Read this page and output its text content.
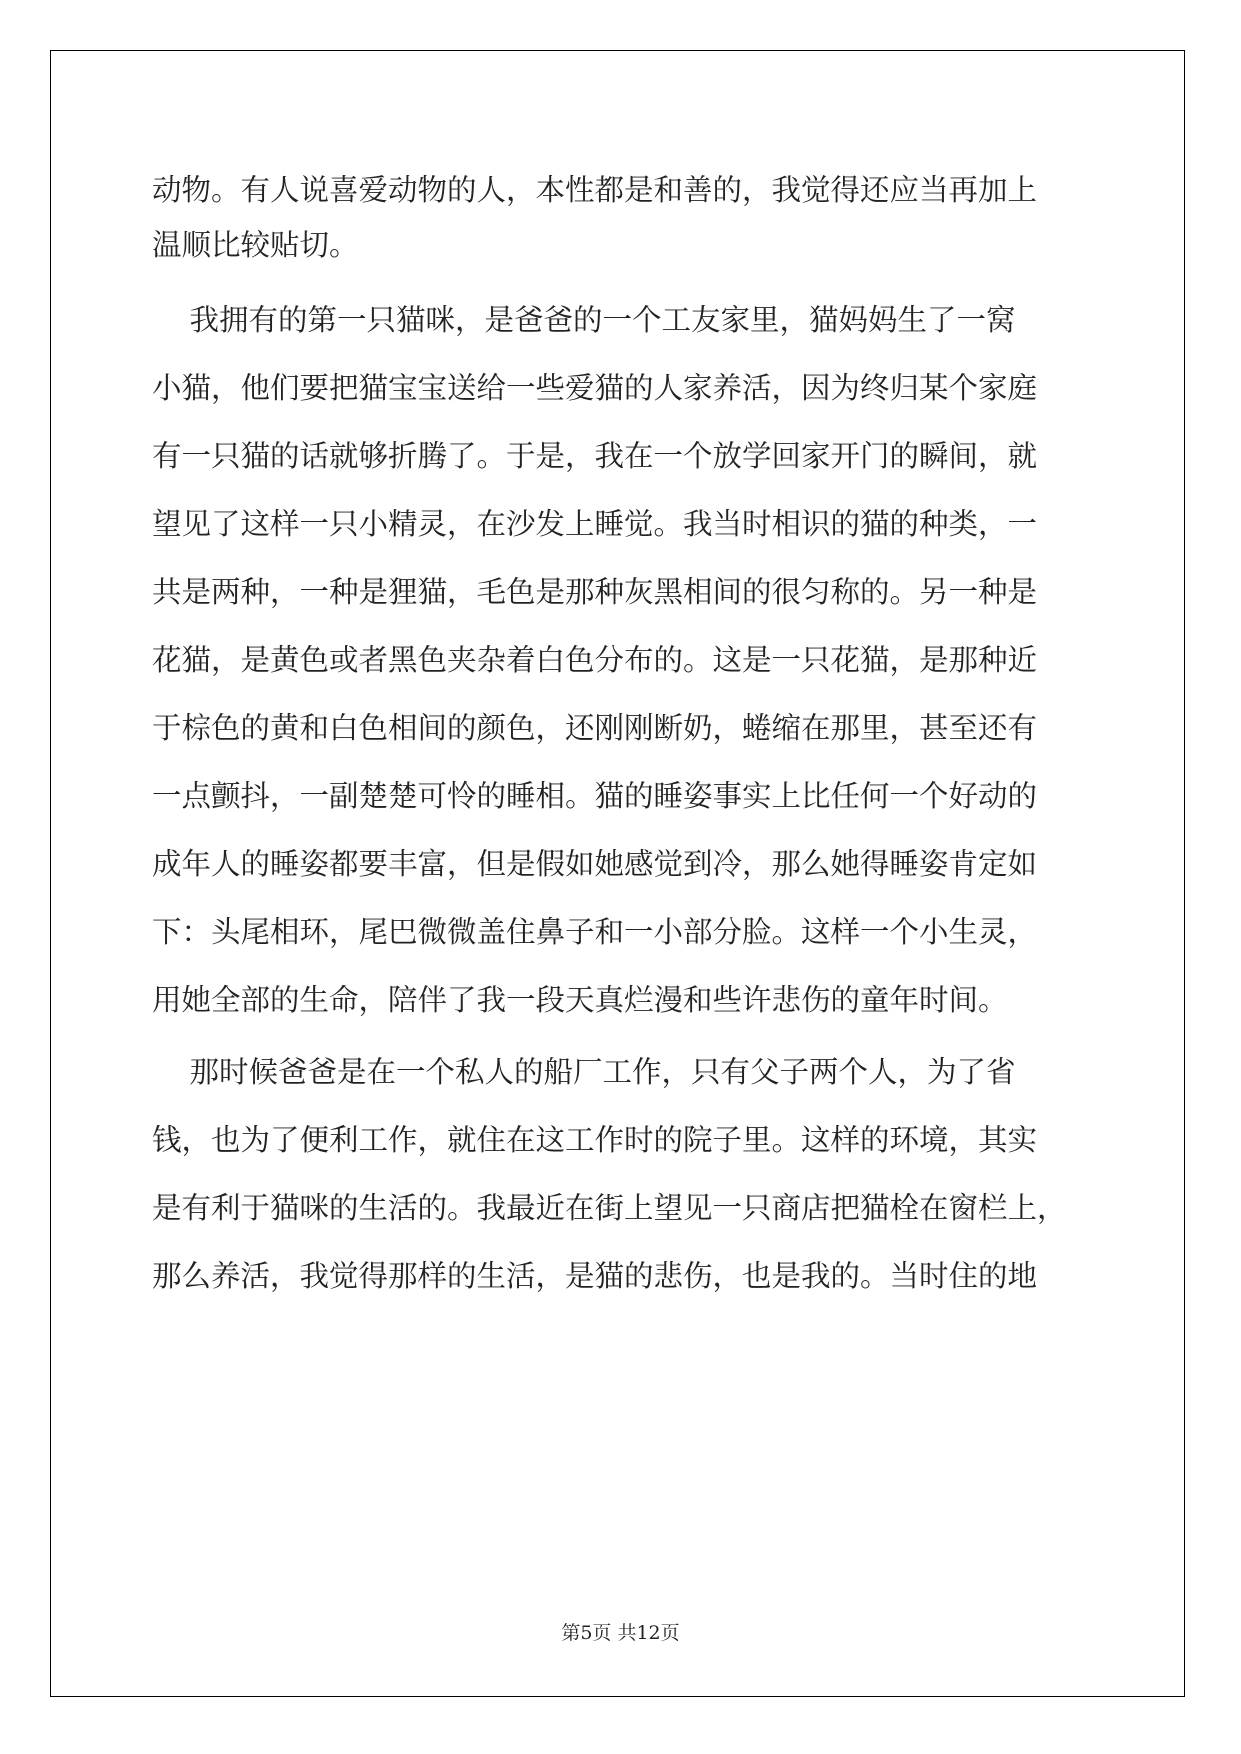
动物。有人说喜爱动物的人，本性都是和善的，我觉得还应当再加上
温顺比较贴切。
我拥有的第一只猫咪，是爸爸的一个工友家里，猫妈妈生了一窝
小猫，他们要把猫宝宝送给一些爱猫的人家养活，因为终归某个家庭
有一只猫的话就够折腾了。于是，我在一个放学回家开门的瞬间，就
望见了这样一只小精灵，在沙发上睡觉。我当时相识的猫的种类，一
共是两种，一种是狸猫，毛色是那种灰黑相间的很匀称的。另一种是
花猫，是黄色或者黑色夹杂着白色分布的。这是一只花猫，是那种近
于棕色的黄和白色相间的颜色，还刚刚断奶，蜷缩在那里，甚至还有
一点颤抖，一副楚楚可怜的睡相。猫的睡姿事实上比任何一个好动的
成年人的睡姿都要丰富，但是假如她感觉到冷，那么她得睡姿肯定如
下：头尾相环，尾巴微微盖住鼻子和一小部分脸。这样一个小生灵，
用她全部的生命，陪伴了我一段天真烂漫和些许悲伤的童年时间。
那时候爸爸是在一个私人的船厂工作，只有父子两个人，为了省
钱，也为了便利工作，就住在这工作时的院子里。这样的环境，其实
是有利于猫咪的生活的。我最近在街上望见一只商店把猫栓在窗栏上，
那么养活，我觉得那样的生活，是猫的悲伤，也是我的。当时住的地
第5页 共12页
